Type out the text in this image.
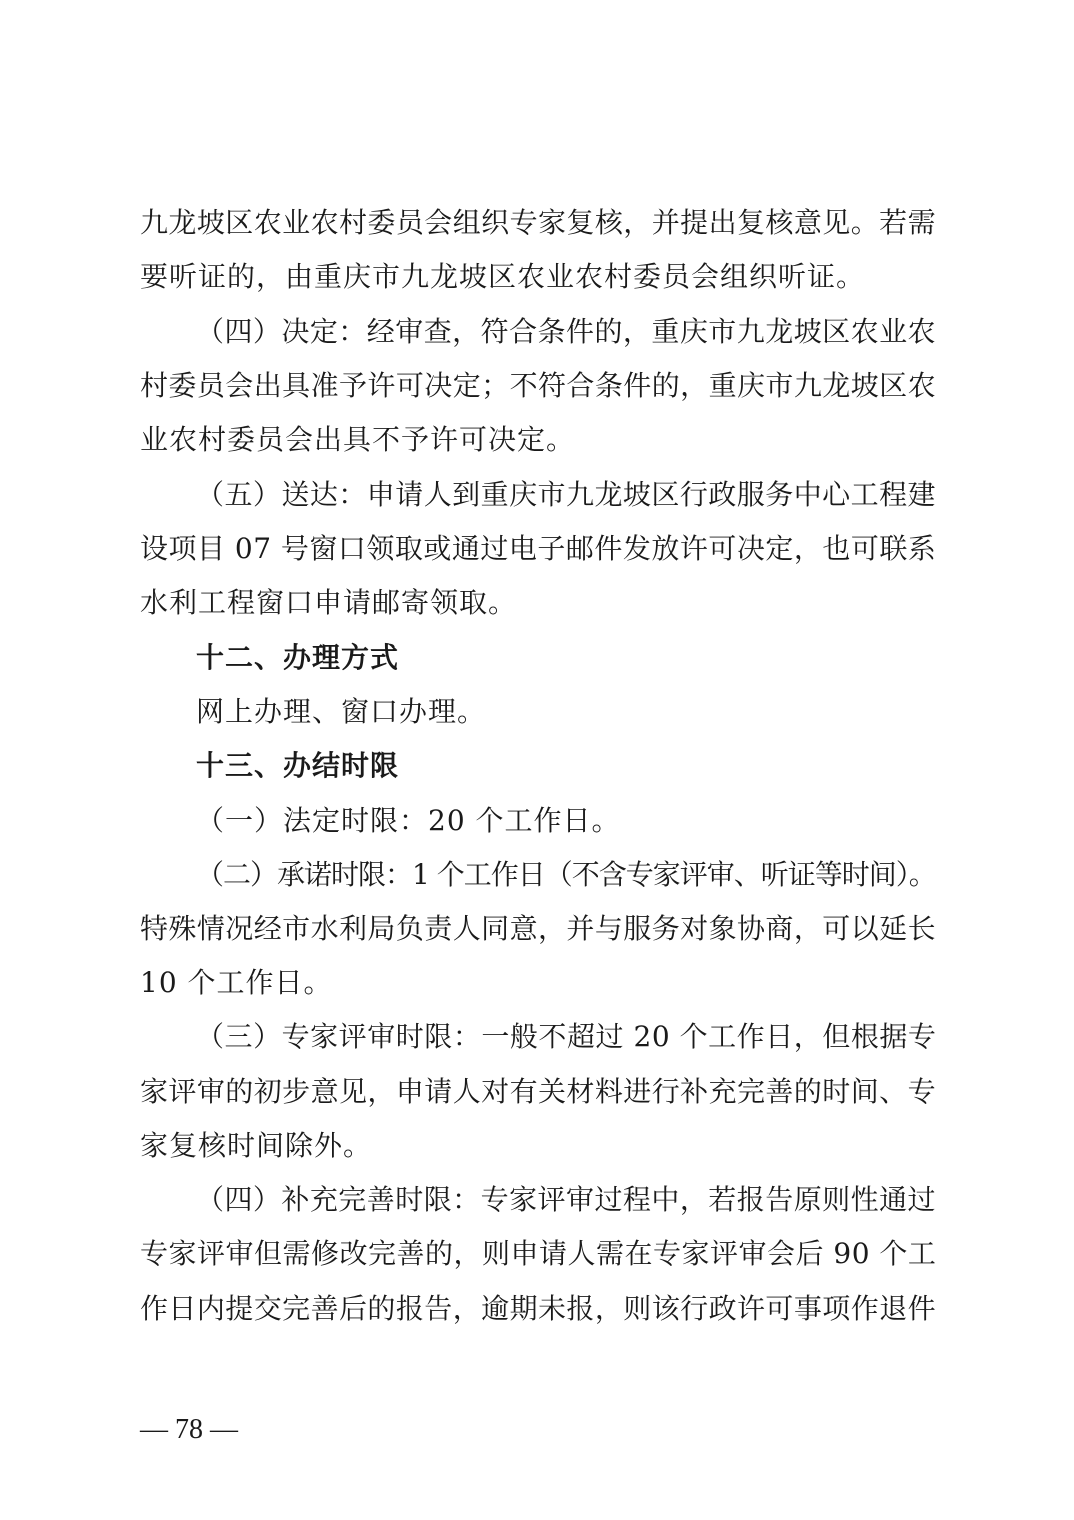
九龙坡区农业农村委员会组织专家复核，并提出复核意见。若需
要听证的，由重庆市九龙坡区农业农村委员会组织听证。
（四）决定：经审查，符合条件的，重庆市九龙坡区农业农
村委员会出具准予许可决定；不符合条件的，重庆市九龙坡区农
业农村委员会出具不予许可决定。
（五）送达：申请人到重庆市九龙坡区行政服务中心工程建
设项目 07 号窗口领取或通过电子邮件发放许可决定，也可联系
水利工程窗口申请邮寄领取。
十二、办理方式
网上办理、窗口办理。
十三、办结时限
（一）法定时限：20 个工作日。
（二）承诺时限：1 个工作日（不含专家评审、听证等时间）。
特殊情况经市水利局负责人同意，并与服务对象协商，可以延长
10 个工作日。
（三）专家评审时限：一般不超过 20 个工作日，但根据专
家评审的初步意见，申请人对有关材料进行补充完善的时间、专
家复核时间除外。
（四）补充完善时限：专家评审过程中，若报告原则性通过
专家评审但需修改完善的，则申请人需在专家评审会后 90 个工
作日内提交完善后的报告，逾期未报，则该行政许可事项作退件
— 78 —
